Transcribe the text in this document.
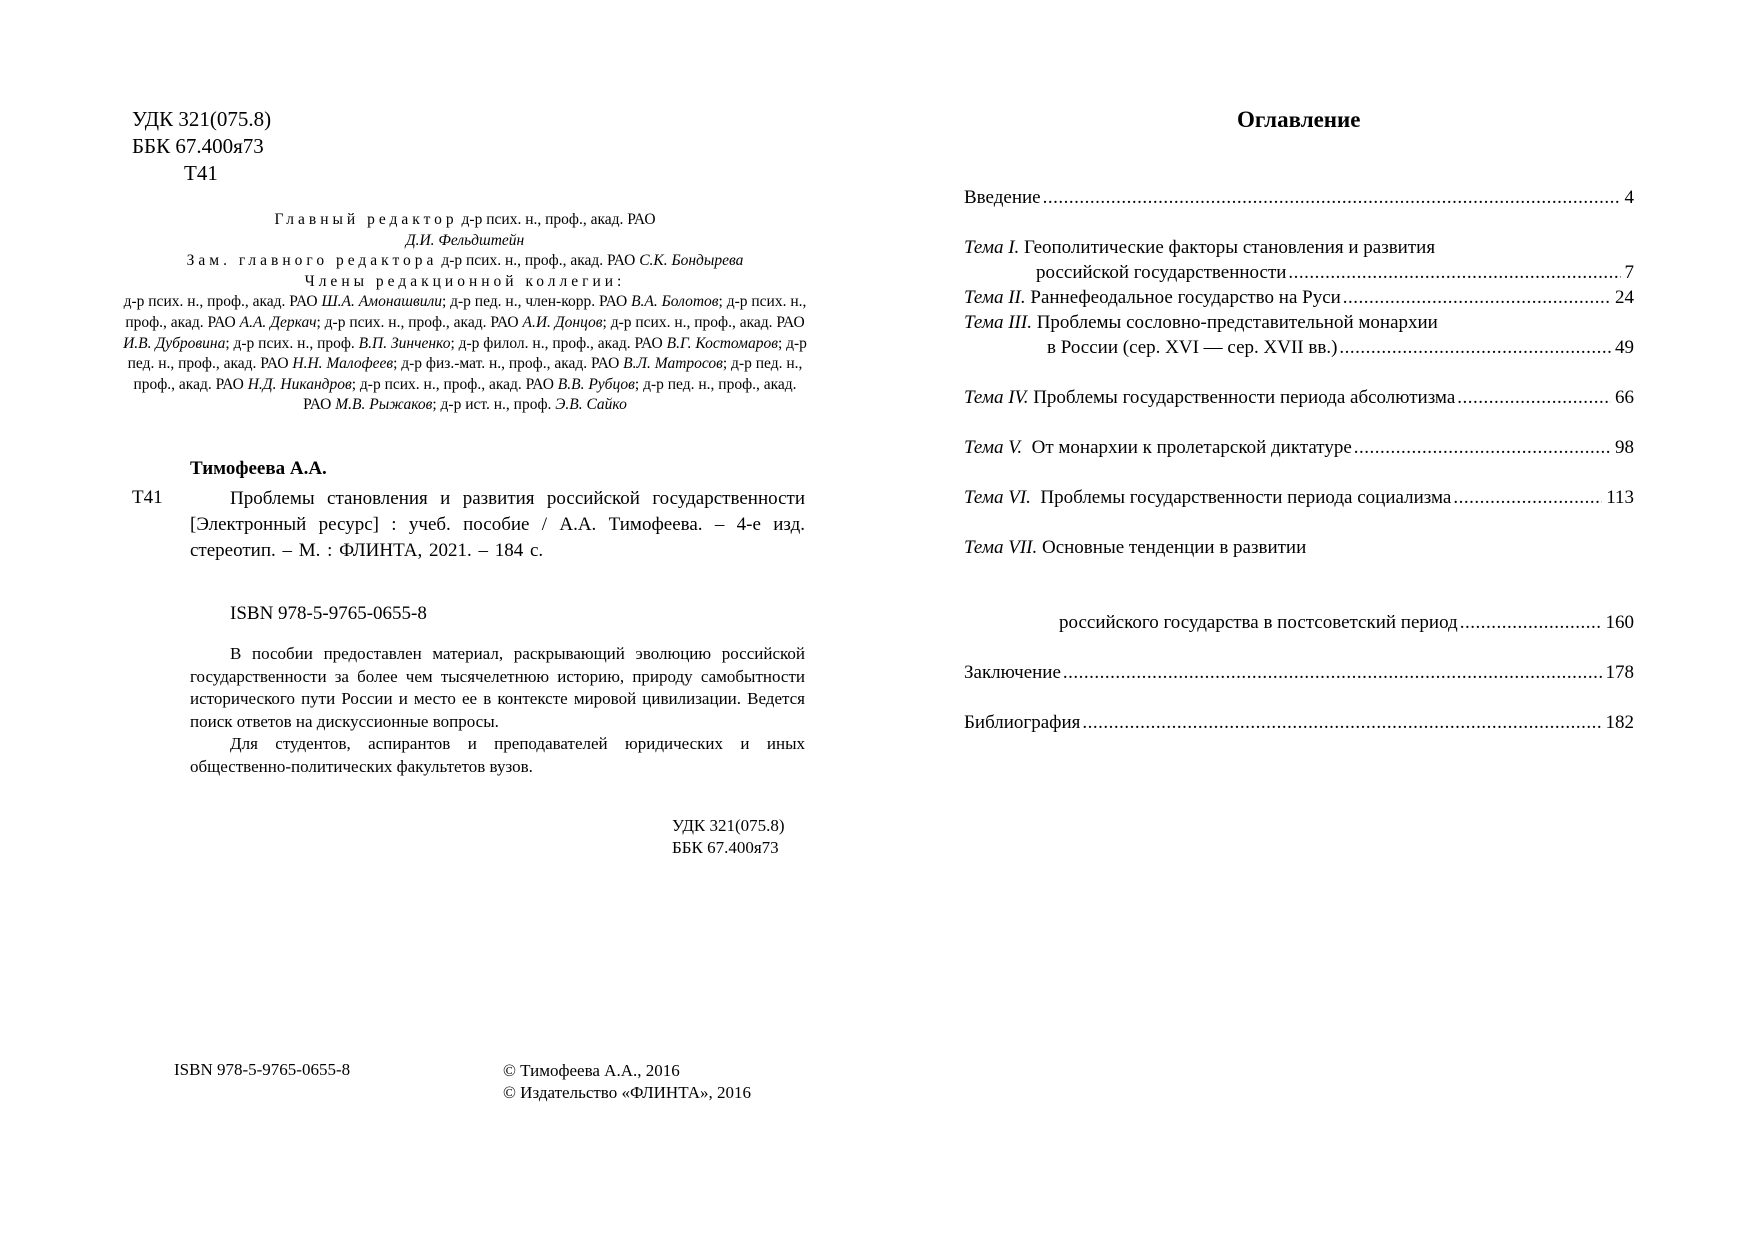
УДК 321(075.8)
ББК 67.400я73
Т41
Главный редактор д-р псих. н., проф., акад. РАО
Д.И. Фельдштейн
Зам. главного редактора д-р псих. н., проф., акад. РАО С.К. Бондырева
Члены редакционной коллегии:
д-р псих. н., проф., акад. РАО Ш.А. Амонашвили; д-р пед. н., член-корр. РАО В.А. Болотов; д-р псих. н., проф., акад. РАО А.А. Деркач; д-р псих. н., проф., акад. РАО А.И. Донцов; д-р псих. н., проф., акад. РАО И.В. Дубровина; д-р псих. н., проф. В.П. Зинченко; д-р филол. н., проф., акад. РАО В.Г. Костомаров; д-р пед. н., проф., акад. РАО Н.Н. Малофеев; д-р физ.-мат. н., проф., акад. РАО В.Л. Матросов; д-р пед. н., проф., акад. РАО Н.Д. Никандров; д-р псих. н., проф., акад. РАО В.В. Рубцов; д-р пед. н., проф., акад. РАО М.В. Рыжаков; д-р ист. н., проф. Э.В. Сайко
Тимофеева А.А.
Т41	Проблемы становления и развития российской государственности [Электронный ресурс] : учеб. пособие / А.А. Тимофеева. – 4-е изд. стереотип. – М. : ФЛИНТА, 2021. – 184 с.
ISBN 978-5-9765-0655-8

В пособии предоставлен материал, раскрывающий эволюцию российской государственности за более чем тысячелетнюю историю, природу самобытности исторического пути России и место ее в контексте мировой цивилизации. Ведется поиск ответов на дискуссионные вопросы.

Для студентов, аспирантов и преподавателей юридических и иных общественно-политических факультетов вузов.

УДК 321(075.8)
ББК 67.400я73
ISBN 978-5-9765-0655-8	© Тимофеева А.А., 2016
© Издательство «ФЛИНТА», 2016
Оглавление
Введение .....	4
Тема I. Геополитические факторы становления и развития
российской государственности .....	7
Тема II. Раннефеодальное государство на Руси .....	24
Тема III. Проблемы сословно-представительной монархии
в России (сер. XVI — сер. XVII вв.) .....	49
Тема IV. Проблемы государственности периода абсолютизма .....	66
Тема V.  От монархии к пролетарской диктатуре .....	98
Тема VI.  Проблемы государственности периода социализма .....	113
Тема VII. Основные тенденции в развитии
российского государства в постсоветский период .....	160
Заключение .....	178
Библиография .....	182
